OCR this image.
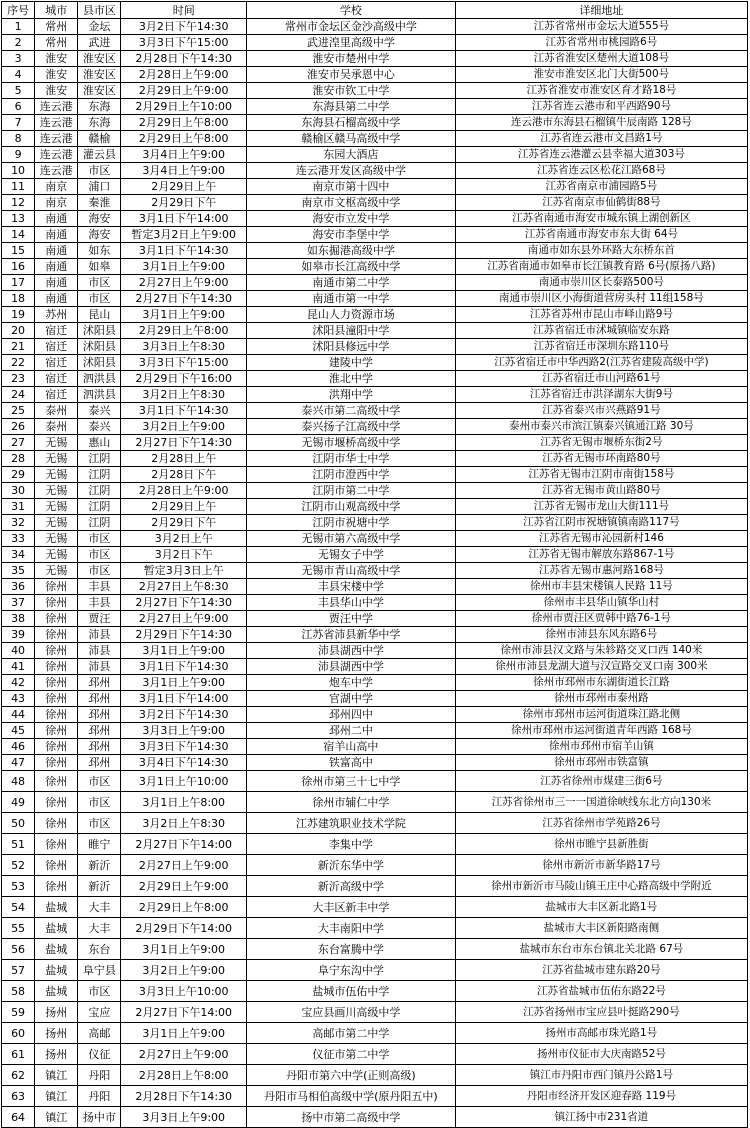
序号	城市	县市区	时间	学校	详细地址
1	常州	金坛	3月2日下午14:30	常州市金坛区金沙高级中学	江苏省常州市金坛大道555号
2	常州	武进	3月3日下午15:00	武进湟里高级中学	江苏省常州市桃园路6号
3	淮安	淮安区	2月28日下午14:30	淮安市楚州中学	江苏省淮安区楚州大道108号
4	淮安	淮安区	2月28日上午9:00	淮安市吴承恩中心	淮安市淮安区北门大街500号
5	淮安	淮安区	2月29日上午9:00	淮安市钦工中学	江苏省淮安市淮安区育才路18号
6	连云港	东海	2月29日上午10:00	东海县第二中学	江苏省连云港市和平西路90号
7	连云港	东海	2月29日上午8:00	东海县石榴高级中学	连云港市东海县石榴镇牛辰南路 128号
8	连云港	赣榆	2月29日上午8:00	赣榆区赣马高级中学	江苏省连云港市文昌路1号
9	连云港	灌云县	3月4日上午9:00	东园大酒店	江苏省连云港灌云县幸福大道303号
10	连云港	市区	3月4日上午9:00	连云港开发区高级中学	江苏省连云区松花江路68号
11	南京	浦口	2月29日上午	南京市第十四中	江苏省南京市浦园路5号
12	南京	秦淮	2月29日下午	南京市文枢高级中学	江苏省南京市仙鹤街88号
13	南通	海安	3月1日下午14:00	海安市立发中学	江苏省南通市海安市城东镇上湖创新区
14	南通	海安	暂定3月2日上午9:00	海安市李堡中学	江苏省南通市海安市东大街 64号
15	南通	如东	3月1日下午14:30	如东掘港高级中学	南通市如东县外环路大东桥东首
16	南通	如皋	3月1日上午9:00	如皋市长江高级中学	江苏省南通市如皋市长江镇教育路 6号(原扬八路)
17	南通	市区	2月27日上午9:00	南通市第二中学	南通市崇川区长泰路500号
18	南通	市区	2月27日下午14:30	南通市第一中学	南通市崇川区小海街道营房头村 11组158号
19	苏州	昆山	3月1日上午9:00	昆山人力资源市场	江苏省苏州市昆山市峄山路9号
20	宿迁	沭阳县	2月29日上午8:00	沭阳县潼阳中学	江苏省宿迁市沭城镇临安东路
21	宿迁	沭阳县	3月3日上午8:30	沭阳县修远中学	江苏省宿迁市深圳东路110号
22	宿迁	沭阳县	3月3日下午15:00	建陵中学	江苏省宿迁市中华西路2(江苏省建陵高级中学)
23	宿迁	泗洪县	2月29日下午16:00	淮北中学	江苏省宿迁市山河路61号
24	宿迁	泗洪县	3月2日上午8:30	洪翔中学	江苏省宿迁市洪泽湖东大街9号
25	泰州	泰兴	3月1日下午14:30	泰兴市第二高级中学	江苏省泰兴市兴燕路91号
26	泰州	泰兴	3月2日上午9:00	泰兴扬子江高级中学	泰州市泰兴市滨江镇泰兴镇通江路 30号
27	无锡	惠山	2月27日下午14:30	无锡市堰桥高级中学	江苏省无锡市堰桥东街2号
28	无锡	江阴	2月28日上午	江阴市华士中学	江苏省无锡市环南路80号
29	无锡	江阴	2月28日下午	江阴市澄西中学	江苏省无锡市江阴市南街158号
30	无锡	江阴	2月28日上午9:00	江阴市第二中学	江苏省无锡市黄山路80号
31	无锡	江阴	2月29日上午	江阴市山观高级中学	江苏省无锡市龙山大街111号
32	无锡	江阴	2月29日下午	江阴市祝塘中学	江苏省江阴市祝塘镇镇南路117号
33	无锡	市区	3月2日上午	无锡市第六高级中学	江苏省无锡市沁园新村146
34	无锡	市区	3月2日下午	无锡女子中学	江苏省无锡市解放东路867-1号
35	无锡	市区	暂定3月3日上午	无锡市青山高级中学	江苏省无锡市惠河路168号
36	徐州	丰县	2月27日上午8:30	丰县宋楼中学	徐州市丰县宋楼镇人民路 11号
37	徐州	丰县	2月27日下午14:30	丰县华山中学	徐州市丰县华山镇华山村
38	徐州	贾汪	2月27日上午9:00	贾汪中学	徐州市贾汪区贾韩中路76-1号
39	徐州	沛县	2月29日下午14:30	江苏省沛县新华中学	徐州市沛县东风东路6号
40	徐州	沛县	3月1日上午9:00	沛县湖西中学	徐州市沛县汉文路与朱轸路交叉口西 140米
41	徐州	沛县	3月1日下午14:30	沛县湖西中学	徐州市沛县龙湖大道与汉宣路交叉口南 300米
42	徐州	邳州	3月1日上午9:00	炮车中学	徐州市邳州市东湖街道长江路
43	徐州	邳州	3月1日下午14:00	官湖中学	徐州市邳州市泰州路
44	徐州	邳州	3月2日下午14:30	邳州四中	徐州市邳州市运河街道珠江路北侧
45	徐州	邳州	3月3日上午9:00	邳州二中	徐州市邳州市运河街道青年西路 168号
46	徐州	邳州	3月3日下午14:30	宿羊山高中	徐州市邳州市宿羊山镇
47	徐州	邳州	3月4日下午14:30	铁富高中	徐州市邳州市铁富镇
48	徐州	市区	3月1日上午10:00	徐州市第三十七中学	江苏省徐州市煤建三街6号
49	徐州	市区	3月1日上午8:00	徐州市辅仁中学	江苏省徐州市三一一国道徐峡线东北方向130米
50	徐州	市区	3月2日上午8:30	江苏建筑职业技术学院	江苏省徐州市学苑路26号
51	徐州	睢宁	2月27日下午14:00	李集中学	徐州市睢宁县新胜街
52	徐州	新沂	2月27日上午9:00	新沂东华中学	徐州市新沂市新华路17号
53	徐州	新沂	2月29日上午9:00	新沂高级中学	徐州市新沂市马陵山镇王庄中心路高级中学附近
54	盐城	大丰	2月29日上午8:00	大丰区新丰中学	盐城市大丰区新北路1号
55	盐城	大丰	2月29日下午14:00	大丰南阳中学	盐城市大丰区新阳路南侧
56	盐城	东台	3月1日上午9:00	东台富腾中学	盐城市东台市东台镇北关北路 67号
57	盐城	阜宁县	3月2日上午9:00	阜宁东沟中学	江苏省盐城市建东路20号
58	盐城	市区	3月3日上午10:00	盐城市伍佑中学	江苏省盐城市伍佑东路22号
59	扬州	宝应	2月27日下午14:00	宝应县画川高级中学	江苏省扬州市宝应县叶挺路290号
60	扬州	高邮	3月1日上午9:00	高邮市第二中学	扬州市高邮市珠光路1号
61	扬州	仪征	2月27日上午9:00	仪征市第二中学	扬州市仪征市大庆南路52号
62	镇江	丹阳	2月28日上午8:00	丹阳市第六中学(正则高级)	镇江市丹阳市西门镇丹公路1号
63	镇江	丹阳	2月28日下午14:30	丹阳市马相伯高级中学(原丹阳五中)	丹阳市经济开发区迎春路 119号
64	镇江	扬中市	3月3日上午9:00	扬中市第二高级中学	镇江扬中市231省道
